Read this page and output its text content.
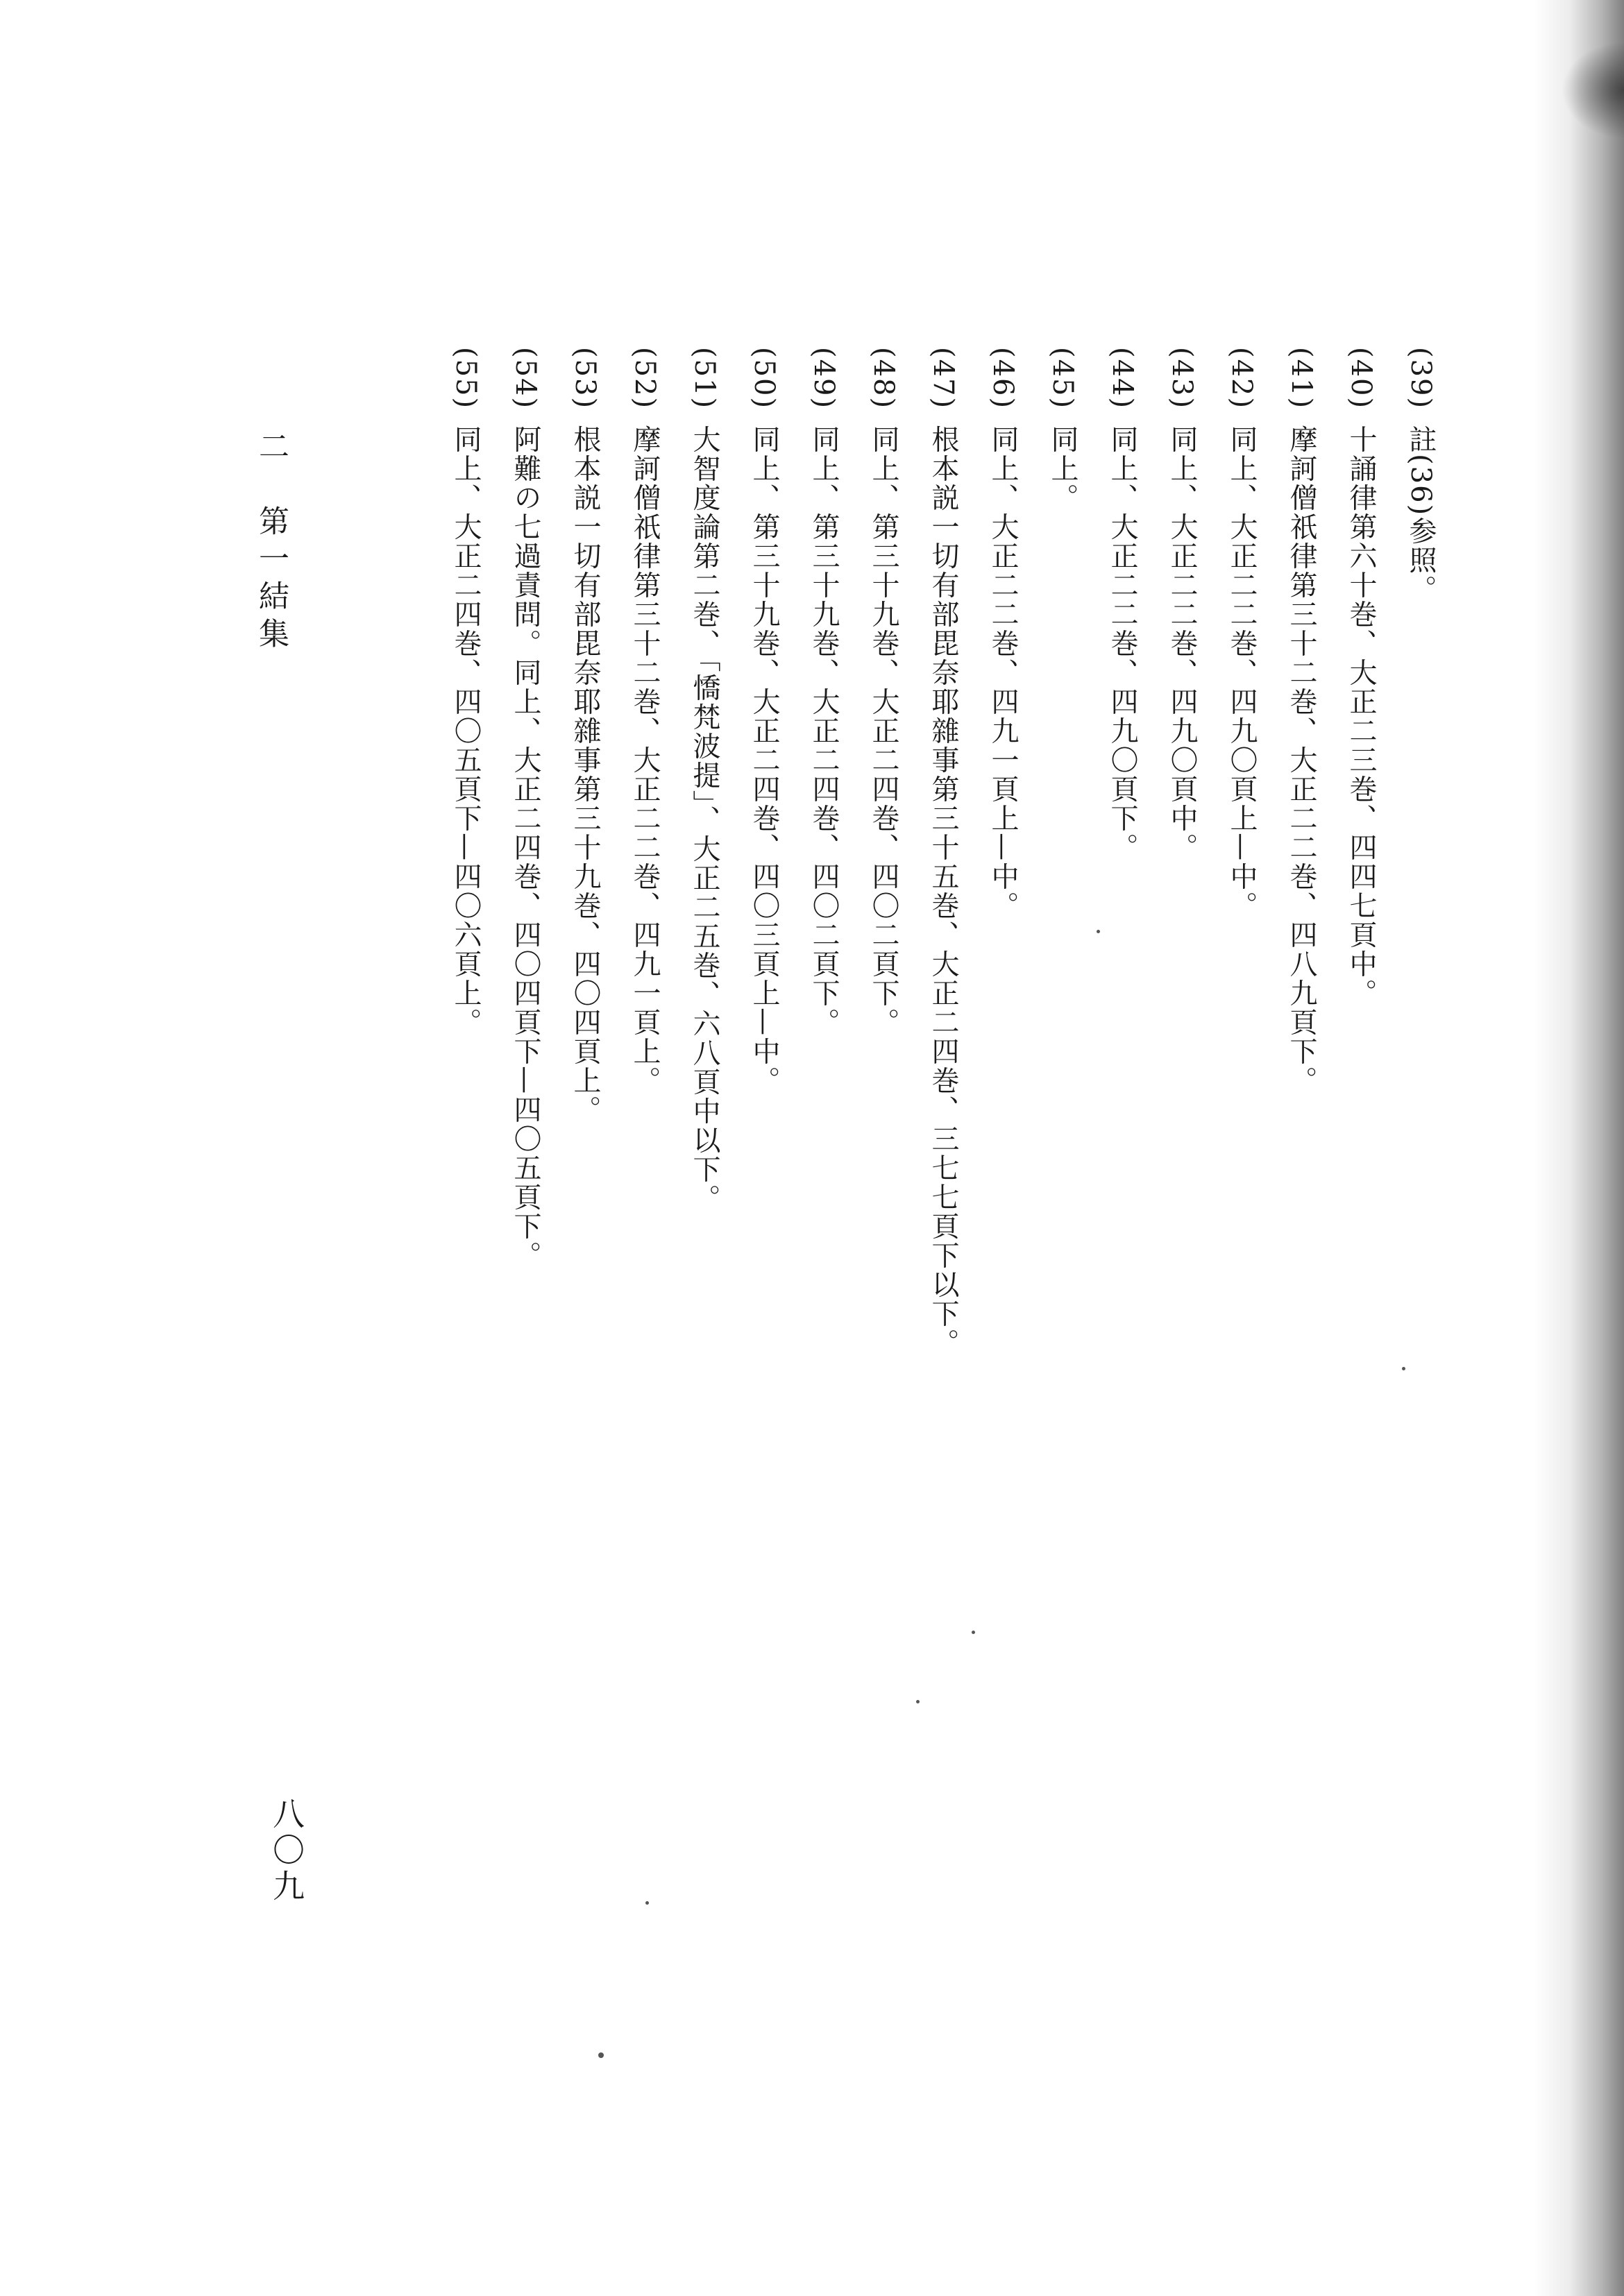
(39)註(36)参照。
(40)十誦律第六十巻、大正二三巻、四四七頁中。
(41)摩訶僧祇律第三十二巻、大正二二巻、四八九頁下。
(42)同上、大正二二巻、四九〇頁上—中。
(43)同上、大正二二巻、四九〇頁中。
(44)同上、大正二二巻、四九〇頁下。
(45)同上。
(46)同上、大正二二巻、四九一頁上—中。
(47)根本説一切有部毘奈耶雜事第三十五巻、大正二四巻、三七七頁下以下。
(48)同上、第三十九巻、大正二四巻、四〇二頁下。
(49)同上、第三十九巻、大正二四巻、四〇二頁下。
(50)同上、第三十九巻、大正二四巻、四〇三頁上—中。
(51)大智度論第二巻、「憍梵波提」、大正二五巻、六八頁中以下。
(52)摩訶僧祇律第三十二巻、大正二二巻、四九一頁上。
(53)根本説一切有部毘奈耶雜事第三十九巻、四〇四頁上。
(54)阿難の七過責問。同上、大正二四巻、四〇四頁下—四〇五頁下。
(55)同上、大正二四巻、四〇五頁下—四〇六頁上。
二　第一結集
八〇九
